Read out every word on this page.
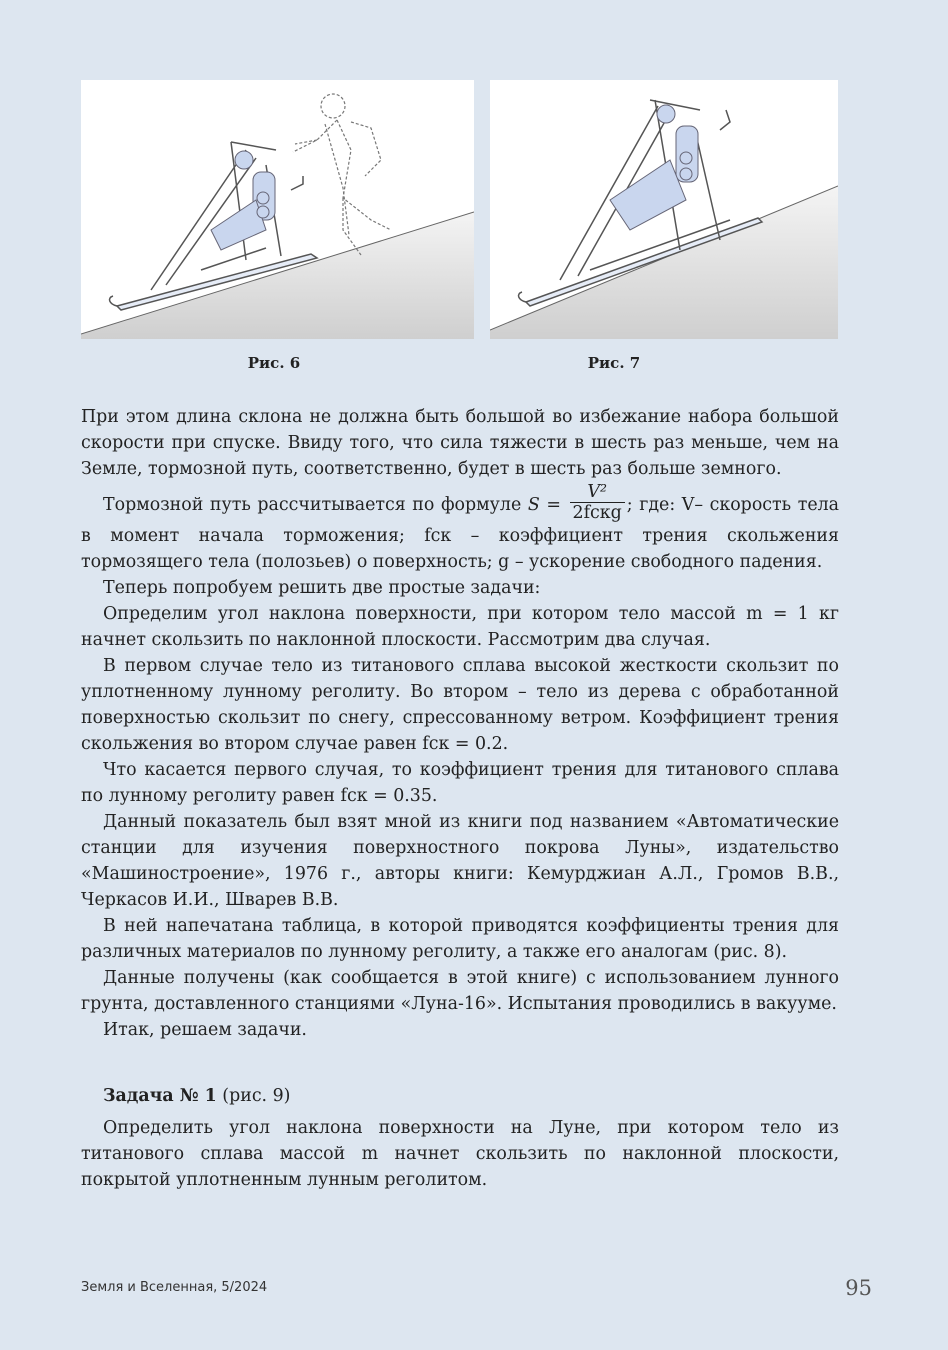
Рис. 6	Рис. 7

При этом длина склона не должна быть большой во избежание набора большой скорости при спуске. Ввиду того, что сила тяжести в шесть раз меньше, чем на Земле, тормозной путь, соответственно, будет в шесть раз больше земного.

Тормозной путь рассчитывается по формуле $S = \frac{\text{V²}}{\text{2fскg}}$ ; где: V– скорость тела в момент начала торможения; fск – коэффициент трения скольжения тормозящего тела (полозьев) о поверхность; g – ускорение свободного падения.

Теперь попробуем решить две простые задачи:

Определим угол наклона поверхности, при котором тело массой m = 1 кг начнет скользить по наклонной плоскости. Рассмотрим два случая.

В первом случае тело из титанового сплава высокой жесткости скользит по уплотненному лунному реголиту. Во втором – тело из дерева с обработанной поверхностью скользит по снегу, спрессованному ветром. Коэффициент трения скольжения во втором случае равен fск = 0.2.

Что касается первого случая, то коэффициент трения для титанового сплава по лунному реголиту равен fск = 0.35.

Данный показатель был взят мной из книги под названием «Автоматические станции для изучения поверхностного покрова Луны», издательство «Машиностроение», 1976 г., авторы книги: Кемурджиан А.Л., Громов В.В., Черкасов И.И., Шварев В.В.

В ней напечатана таблица, в которой приводятся коэффициенты трения для различных материалов по лунному реголиту, а также его аналогам (рис. 8).

Данные получены (как сообщается в этой книге) с использованием лунного грунта, доставленного станциями «Луна-16». Испытания проводились в вакууме.

Итак, решаем задачи.

Задача № 1 (рис. 9)

Определить угол наклона поверхности на Луне, при котором тело из титанового сплава массой m начнет скользить по наклонной плоскости, покрытой уплотненным лунным реголитом.

Земля и Вселенная, 5/2024	95
